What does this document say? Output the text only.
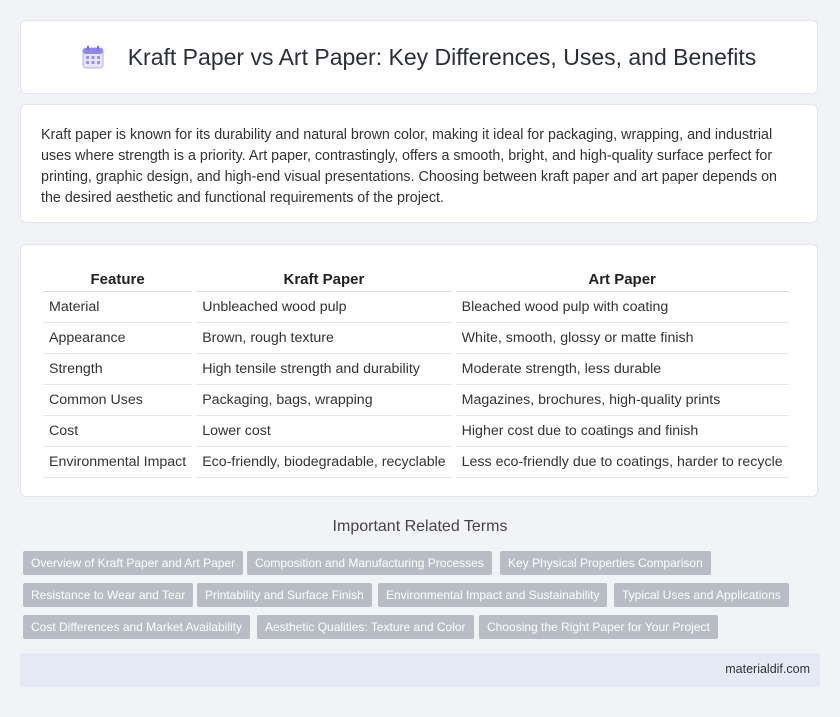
Kraft Paper vs Art Paper: Key Differences, Uses, and Benefits

Kraft paper is known for its durability and natural brown color, making it ideal for packaging, wrapping, and industrial uses where strength is a priority. Art paper, contrastingly, offers a smooth, bright, and high-quality surface perfect for printing, graphic design, and high-end visual presentations. Choosing between kraft paper and art paper depends on the desired aesthetic and functional requirements of the project.

Feature	Kraft Paper	Art Paper
Material	Unbleached wood pulp	Bleached wood pulp with coating
Appearance	Brown, rough texture	White, smooth, glossy or matte finish
Strength	High tensile strength and durability	Moderate strength, less durable
Common Uses	Packaging, bags, wrapping	Magazines, brochures, high-quality prints
Cost	Lower cost	Higher cost due to coatings and finish
Environmental Impact	Eco-friendly, biodegradable, recyclable	Less eco-friendly due to coatings, harder to recycle
Important Related Terms
Overview of Kraft Paper and Art Paper	Composition and Manufacturing Processes	Key Physical Properties Comparison
Resistance to Wear and Tear	Printability and Surface Finish	Environmental Impact and Sustainability	Typical Uses and Applications
Cost Differences and Market Availability	Aesthetic Qualities: Texture and Color	Choosing the Right Paper for Your Project
materialdif.com
